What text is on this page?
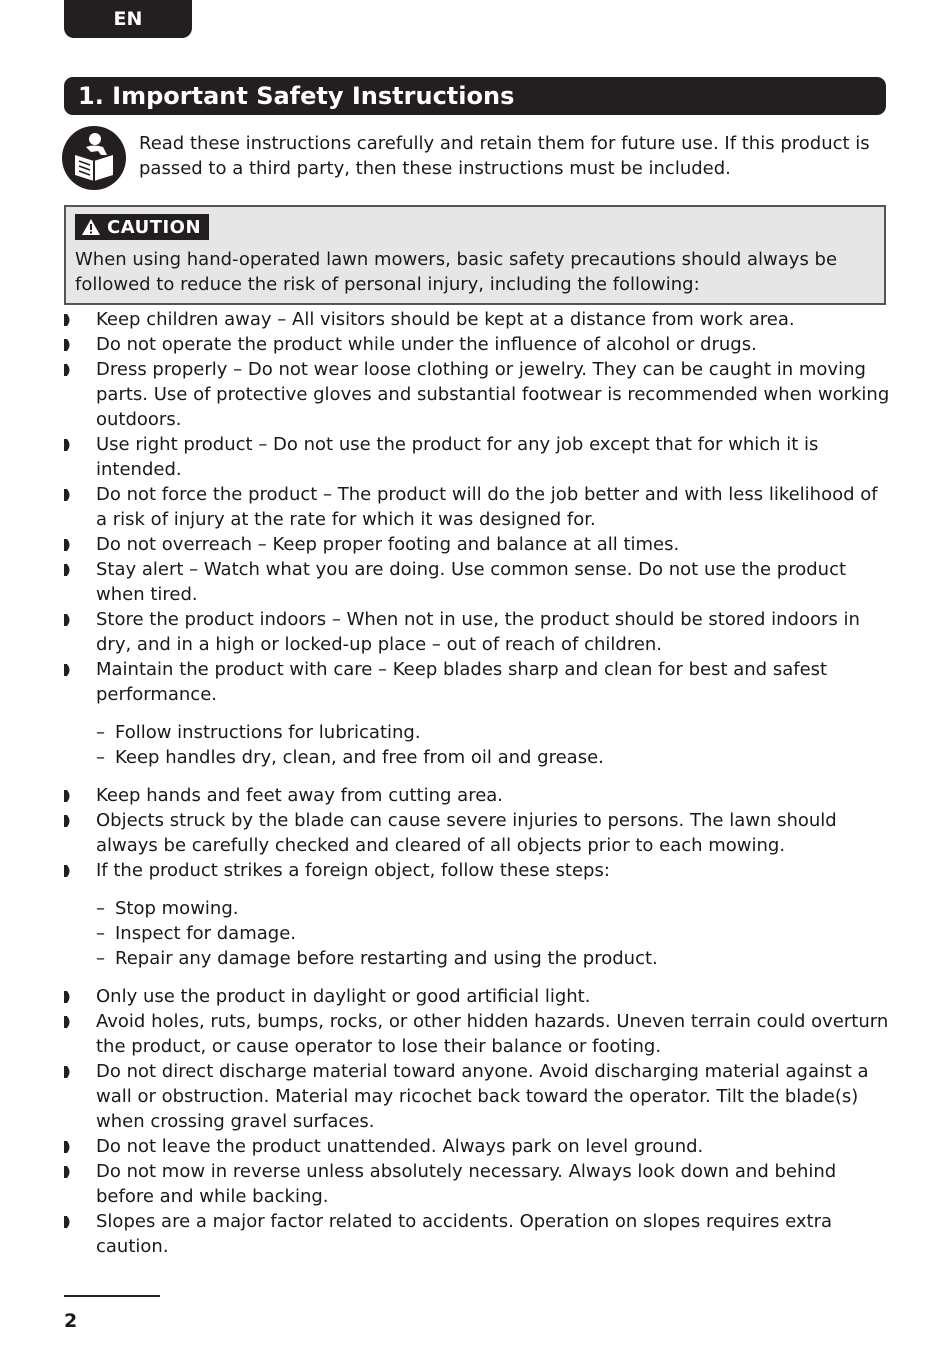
EN
1. Important Safety Instructions

Read these instructions carefully and retain them for future use. If this product is passed to a third party, then these instructions must be included.

CAUTION

When using hand-operated lawn mowers, basic safety precautions should always be followed to reduce the risk of personal injury, including the following:

Keep children away – All visitors should be kept at a distance from work area.
Do not operate the product while under the influence of alcohol or drugs.
Dress properly – Do not wear loose clothing or jewelry. They can be caught in moving parts. Use of protective gloves and substantial footwear is recommended when working outdoors.
Use right product – Do not use the product for any job except that for which it is intended.
Do not force the product – The product will do the job better and with less likelihood of a risk of injury at the rate for which it was designed for.
Do not overreach – Keep proper footing and balance at all times.
Stay alert – Watch what you are doing. Use common sense. Do not use the product when tired.
Store the product indoors – When not in use, the product should be stored indoors in dry, and in a high or locked-up place – out of reach of children.
Maintain the product with care – Keep blades sharp and clean for best and safest performance.
– Follow instructions for lubricating.
– Keep handles dry, clean, and free from oil and grease.
Keep hands and feet away from cutting area.
Objects struck by the blade can cause severe injuries to persons. The lawn should always be carefully checked and cleared of all objects prior to each mowing.
If the product strikes a foreign object, follow these steps:
– Stop mowing.
– Inspect for damage.
– Repair any damage before restarting and using the product.
Only use the product in daylight or good artificial light.
Avoid holes, ruts, bumps, rocks, or other hidden hazards. Uneven terrain could overturn the product, or cause operator to lose their balance or footing.
Do not direct discharge material toward anyone. Avoid discharging material against a wall or obstruction. Material may ricochet back toward the operator. Tilt the blade(s) when crossing gravel surfaces.
Do not leave the product unattended. Always park on level ground.
Do not mow in reverse unless absolutely necessary. Always look down and behind before and while backing.
Slopes are a major factor related to accidents. Operation on slopes requires extra caution.
2
